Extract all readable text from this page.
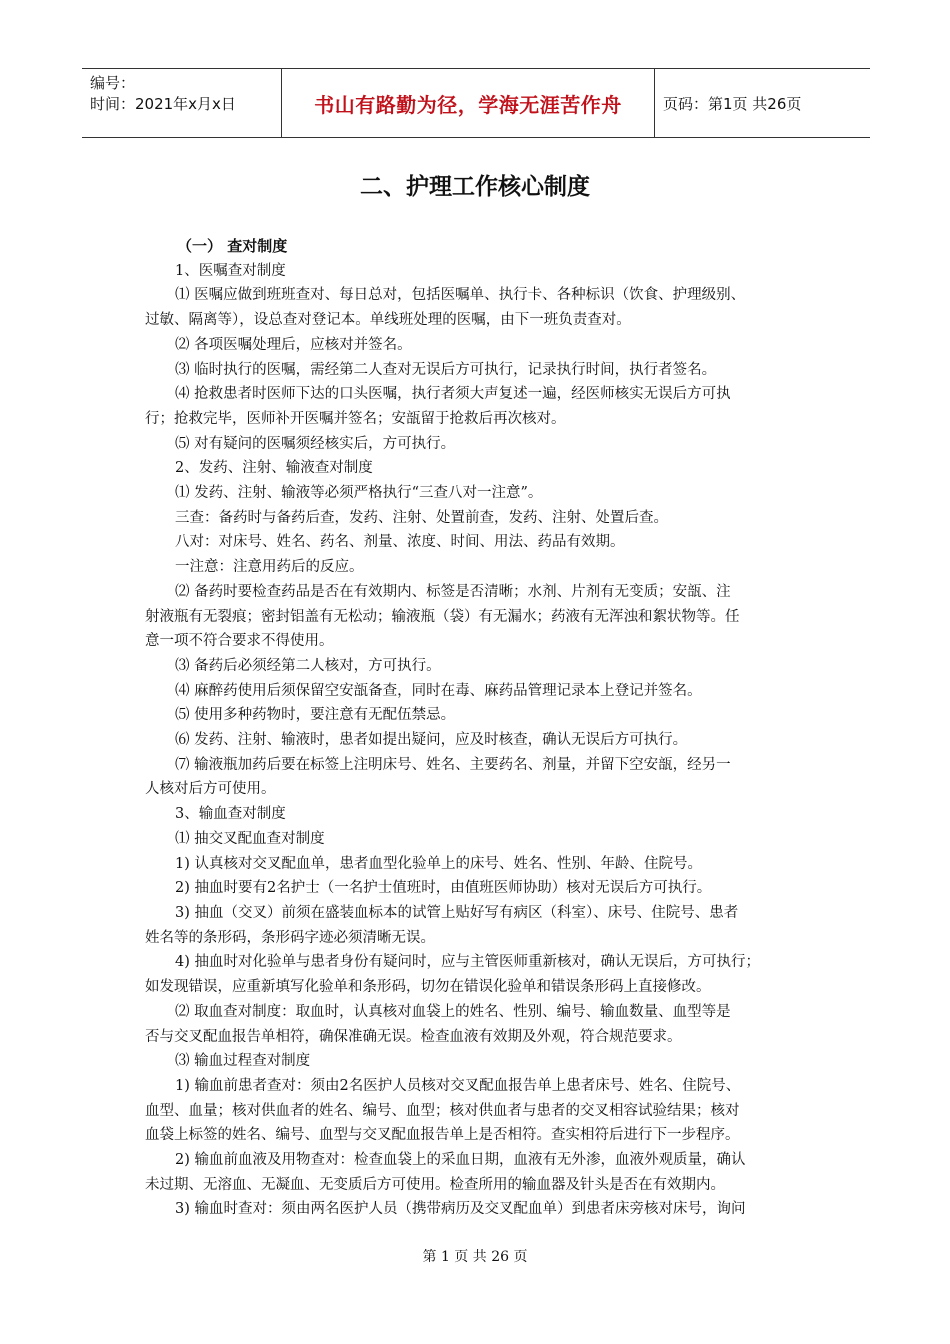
编号：
时间：2021年x月x日	书山有路勤为径，学海无涯苦作舟	页码：第1页 共26页
二、护理工作核心制度
（一） 查对制度
1、医嘱查对制度
⑴ 医嘱应做到班班查对、每日总对，包括医嘱单、执行卡、各种标识（饮食、护理级别、
过敏、隔离等），设总查对登记本。单线班处理的医嘱，由下一班负责查对。
⑵ 各项医嘱处理后，应核对并签名。
⑶ 临时执行的医嘱，需经第二人查对无误后方可执行，记录执行时间，执行者签名。
⑷ 抢救患者时医师下达的口头医嘱，执行者须大声复述一遍，经医师核实无误后方可执
行；抢救完毕，医师补开医嘱并签名；安瓿留于抢救后再次核对。
⑸ 对有疑问的医嘱须经核实后，方可执行。
2、发药、注射、输液查对制度
⑴ 发药、注射、输液等必须严格执行“三查八对一注意”。
三查：备药时与备药后查，发药、注射、处置前查，发药、注射、处置后查。
八对：对床号、姓名、药名、剂量、浓度、时间、用法、药品有效期。
一注意：注意用药后的反应。
⑵ 备药时要检查药品是否在有效期内、标签是否清晰；水剂、片剂有无变质；安瓿、注
射液瓶有无裂痕；密封铝盖有无松动；输液瓶（袋）有无漏水；药液有无浑浊和絮状物等。任
意一项不符合要求不得使用。
⑶ 备药后必须经第二人核对，方可执行。
⑷ 麻醉药使用后须保留空安瓿备查，同时在毒、麻药品管理记录本上登记并签名。
⑸ 使用多种药物时，要注意有无配伍禁忌。
⑹ 发药、注射、输液时，患者如提出疑问，应及时核查，确认无误后方可执行。
⑺ 输液瓶加药后要在标签上注明床号、姓名、主要药名、剂量，并留下空安瓿，经另一
人核对后方可使用。
3、输血查对制度
⑴ 抽交叉配血查对制度
1) 认真核对交叉配血单，患者血型化验单上的床号、姓名、性别、年龄、住院号。
2) 抽血时要有2名护士（一名护士值班时，由值班医师协助）核对无误后方可执行。
3) 抽血（交叉）前须在盛装血标本的试管上贴好写有病区（科室）、床号、住院号、患者
姓名等的条形码，条形码字迹必须清晰无误。
4) 抽血时对化验单与患者身份有疑问时，应与主管医师重新核对，确认无误后，方可执行；
如发现错误，应重新填写化验单和条形码，切勿在错误化验单和错误条形码上直接修改。
⑵ 取血查对制度：取血时，认真核对血袋上的姓名、性别、编号、输血数量、血型等是
否与交叉配血报告单相符，确保准确无误。检查血液有效期及外观，符合规范要求。
⑶ 输血过程查对制度
1) 输血前患者查对：须由2名医护人员核对交叉配血报告单上患者床号、姓名、住院号、
血型、血量；核对供血者的姓名、编号、血型；核对供血者与患者的交叉相容试验结果；核对
血袋上标签的姓名、编号、血型与交叉配血报告单上是否相符。查实相符后进行下一步程序。
2) 输血前血液及用物查对：检查血袋上的采血日期，血液有无外渗，血液外观质量，确认
未过期、无溶血、无凝血、无变质后方可使用。检查所用的输血器及针头是否在有效期内。
3) 输血时查对：须由两名医护人员（携带病历及交叉配血单）到患者床旁核对床号，询问
第 1 页 共 26 页
